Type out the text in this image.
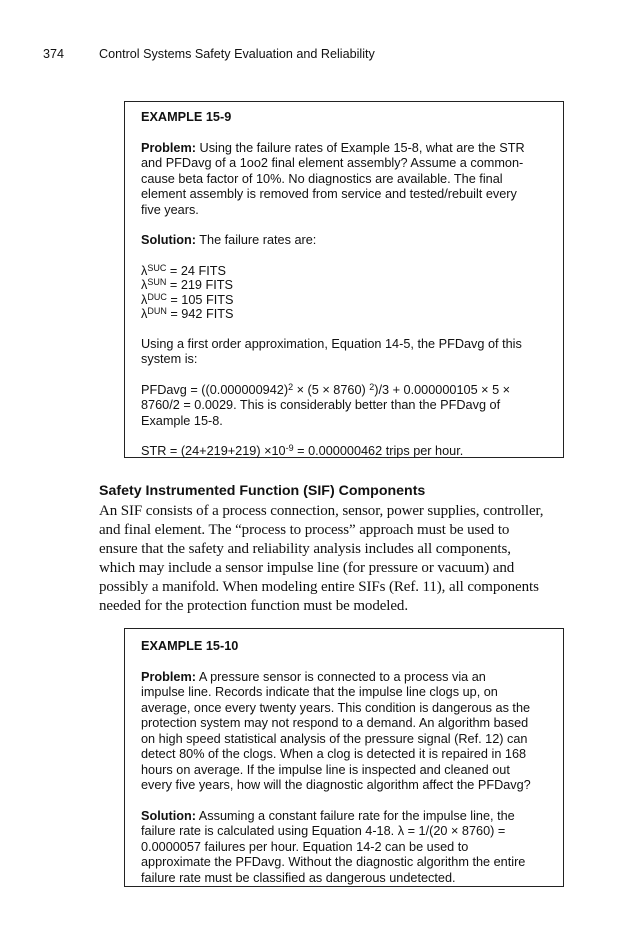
374	Control Systems Safety Evaluation and Reliability
EXAMPLE 15-9

Problem: Using the failure rates of Example 15-8, what are the STR
and PFDavg of a 1oo2 final element assembly? Assume a common-
cause beta factor of 10%. No diagnostics are available. The final
element assembly is removed from service and tested/rebuilt every
five years.

Solution: The failure rates are:

$\lambda^{SUC} = 24$ FITS
$\lambda^{SUN} = 219$ FITS
$\lambda^{DUC} = 105$ FITS
$\lambda^{DUN} = 942$ FITS

Using a first order approximation, Equation 14-5, the PFDavg of this
system is:

PFDavg = $((0.000000942)^2 \times (5 \times 8760) ^2)/3 + 0.000000105 \times 5$ ×
8760/2 = 0.0029. This is considerably better than the PFDavg of
Example 15-8.

STR = $(24+219+219) \times 10^{-9} = 0.000000462$ trips per hour.

Safety Instrumented Function (SIF) Components

An SIF consists of a process connection, sensor, power supplies, controller,
and final element. The “process to process” approach must be used to
ensure that the safety and reliability analysis includes all components,
which may include a sensor impulse line (for pressure or vacuum) and
possibly a manifold. When modeling entire SIFs (Ref. 11), all components
needed for the protection function must be modeled.

EXAMPLE 15-10

Problem: A pressure sensor is connected to a process via an
impulse line. Records indicate that the impulse line clogs up, on
average, once every twenty years. This condition is dangerous as the
protection system may not respond to a demand. An algorithm based
on high speed statistical analysis of the pressure signal (Ref. 12) can
detect 80% of the clogs. When a clog is detected it is repaired in 168
hours on average. If the impulse line is inspected and cleaned out
every five years, how will the diagnostic algorithm affect the PFDavg?

Solution: Assuming a constant failure rate for the impulse line, the
failure rate is calculated using Equation 4-18. λ = 1/(20 × 8760) =
0.0000057 failures per hour. Equation 14-2 can be used to
approximate the PFDavg. Without the diagnostic algorithm the entire
failure rate must be classified as dangerous undetected.
